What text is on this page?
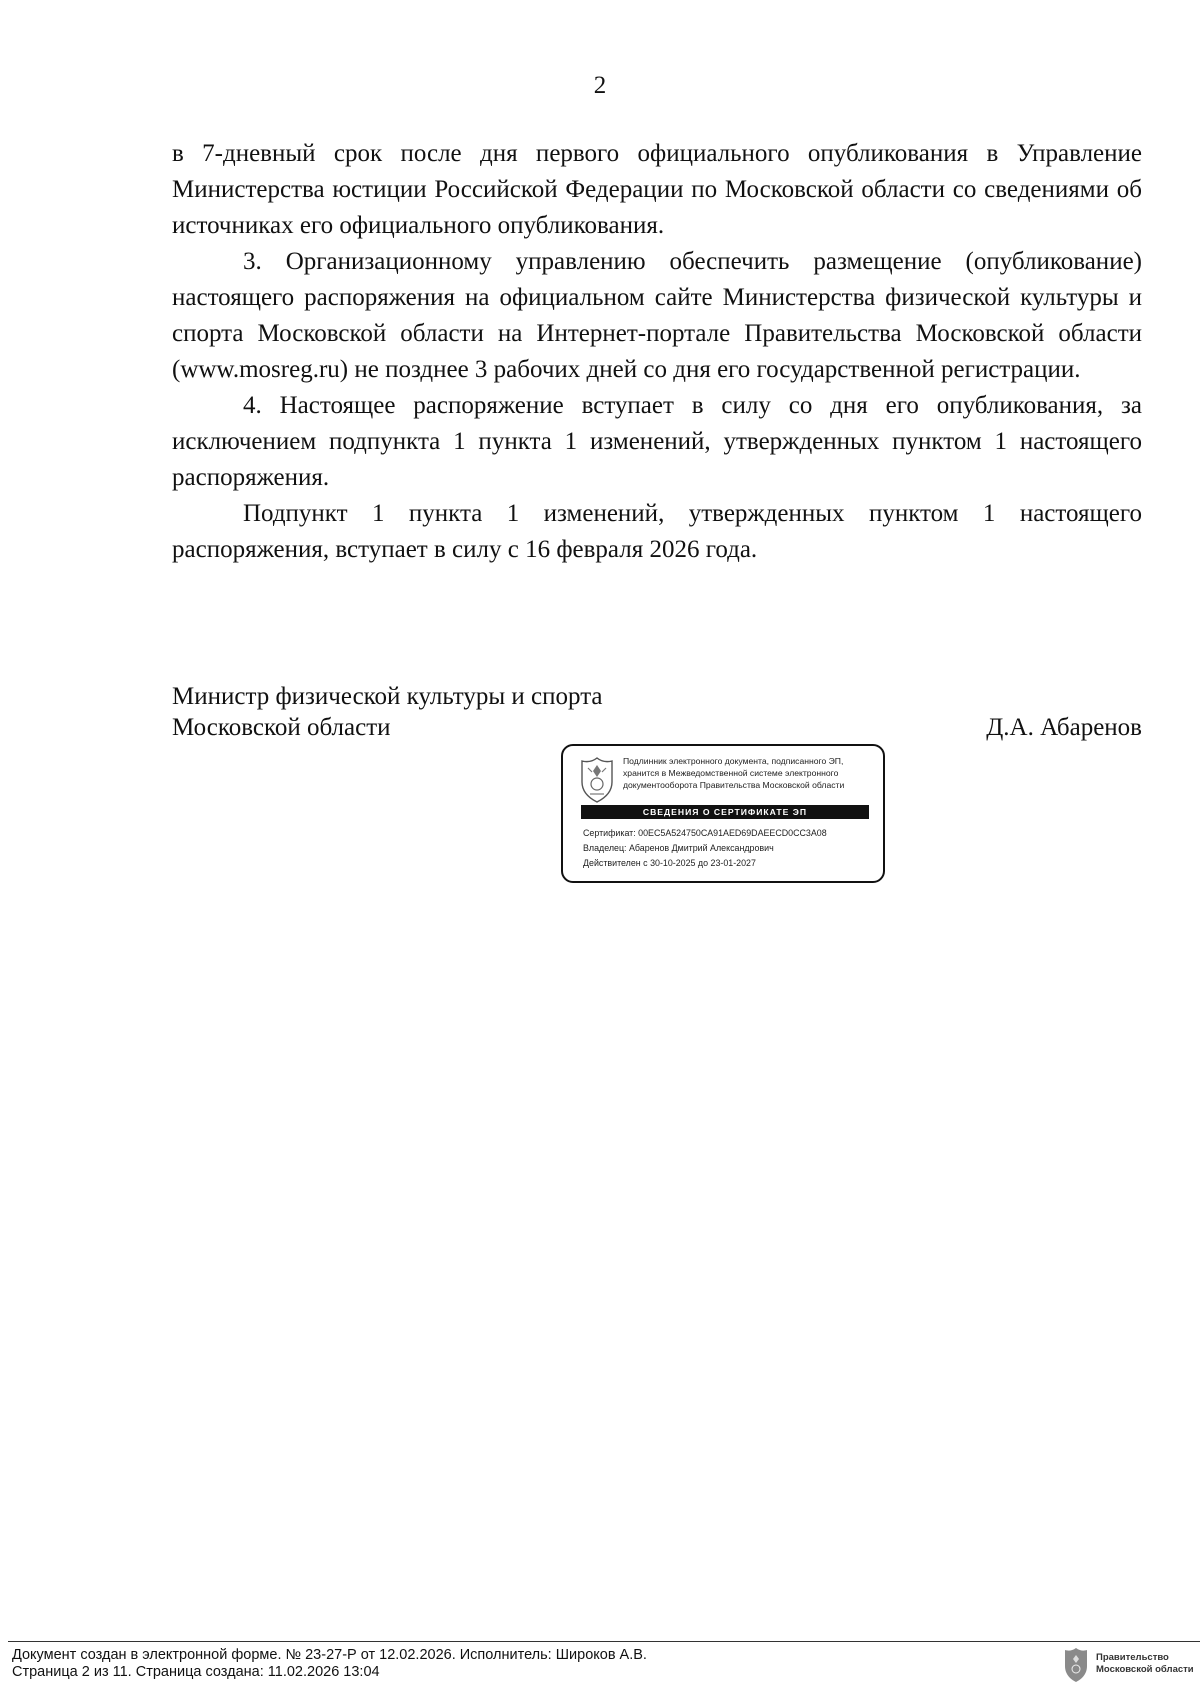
2

в 7-дневный срок после дня первого официального опубликования в Управление Министерства юстиции Российской Федерации по Московской области со сведениями об источниках его официального опубликования.

3. Организационному управлению обеспечить размещение (опубликование) настоящего распоряжения на официальном сайте Министерства физической культуры и спорта Московской области на Интернет-портале Правительства Московской области (www.mosreg.ru) не позднее 3 рабочих дней со дня его государственной регистрации.

4. Настоящее распоряжение вступает в силу со дня его опубликования, за исключением подпункта 1 пункта 1 изменений, утвержденных пунктом 1 настоящего распоряжения.

Подпункт 1 пункта 1 изменений, утвержденных пунктом 1 настоящего распоряжения, вступает в силу с 16 февраля 2026 года.

Министр физической культуры и спорта
Московской области	Д.А. Абаренов
Подлинник электронного документа, подписанного ЭП,
хранится в Межведомственной системе электронного
документооборота Правительства Московской области
СВЕДЕНИЯ О СЕРТИФИКАТЕ ЭП
Сертификат: 00EC5A524750CA91AED69DAEECD0CC3A08
Владелец: Абаренов Дмитрий Александрович
Действителен с 30-10-2025 до 23-01-2027
Документ создан в электронной форме. № 23-27-Р от 12.02.2026. Исполнитель: Широков А.В.
Страница 2 из 11. Страница создана: 11.02.2026 13:04
Правительство
Московской области
